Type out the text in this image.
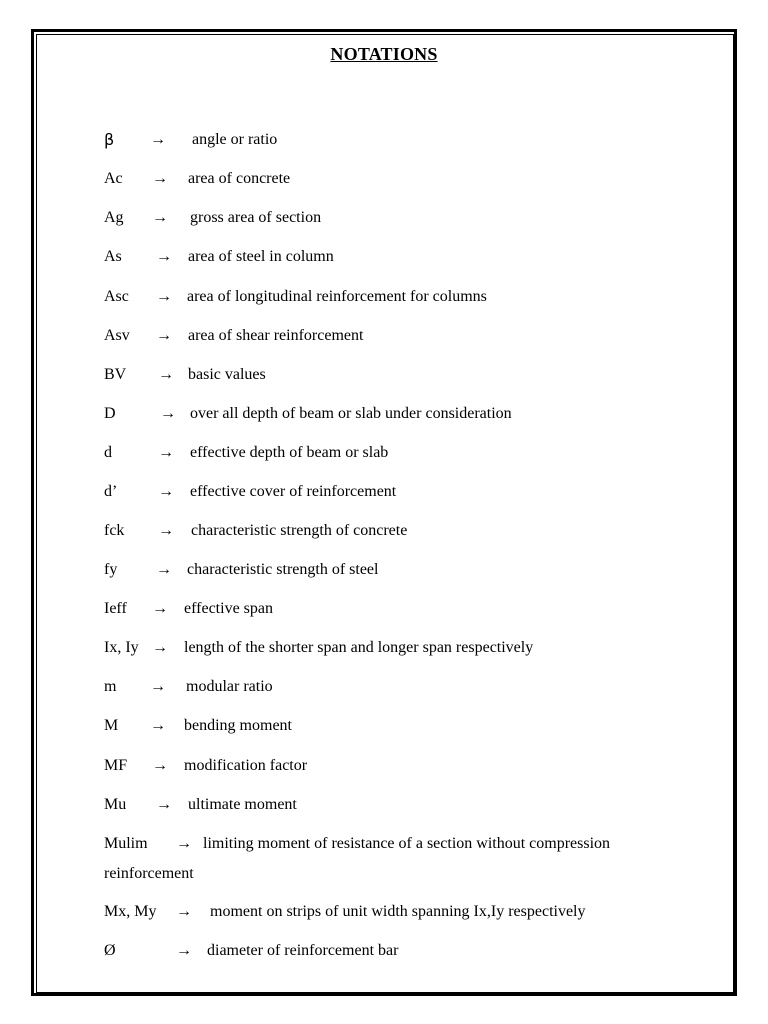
NOTATIONS
β → angle or ratio
Ac → area of concrete
Ag → gross area of section
As → area of steel in column
Asc → area of longitudinal reinforcement for columns
Asv → area of shear reinforcement
BV → basic values
D	→ over all depth of beam or slab under consideration
d	→ effective depth of beam or slab
d’	→ effective cover of reinforcement
fck → characteristic strength of concrete
fy → characteristic strength of steel
Ieff → effective span
Ix, Iy → length of the shorter span and longer span respectively
m → modular ratio
M → bending moment
MF → modification factor
Mu → ultimate moment
Mulim → limiting moment of resistance of a section without compression
reinforcement
Mx, My → moment on strips of unit width spanning Ix,Iy respectively
Ø	→ diameter of reinforcement bar
